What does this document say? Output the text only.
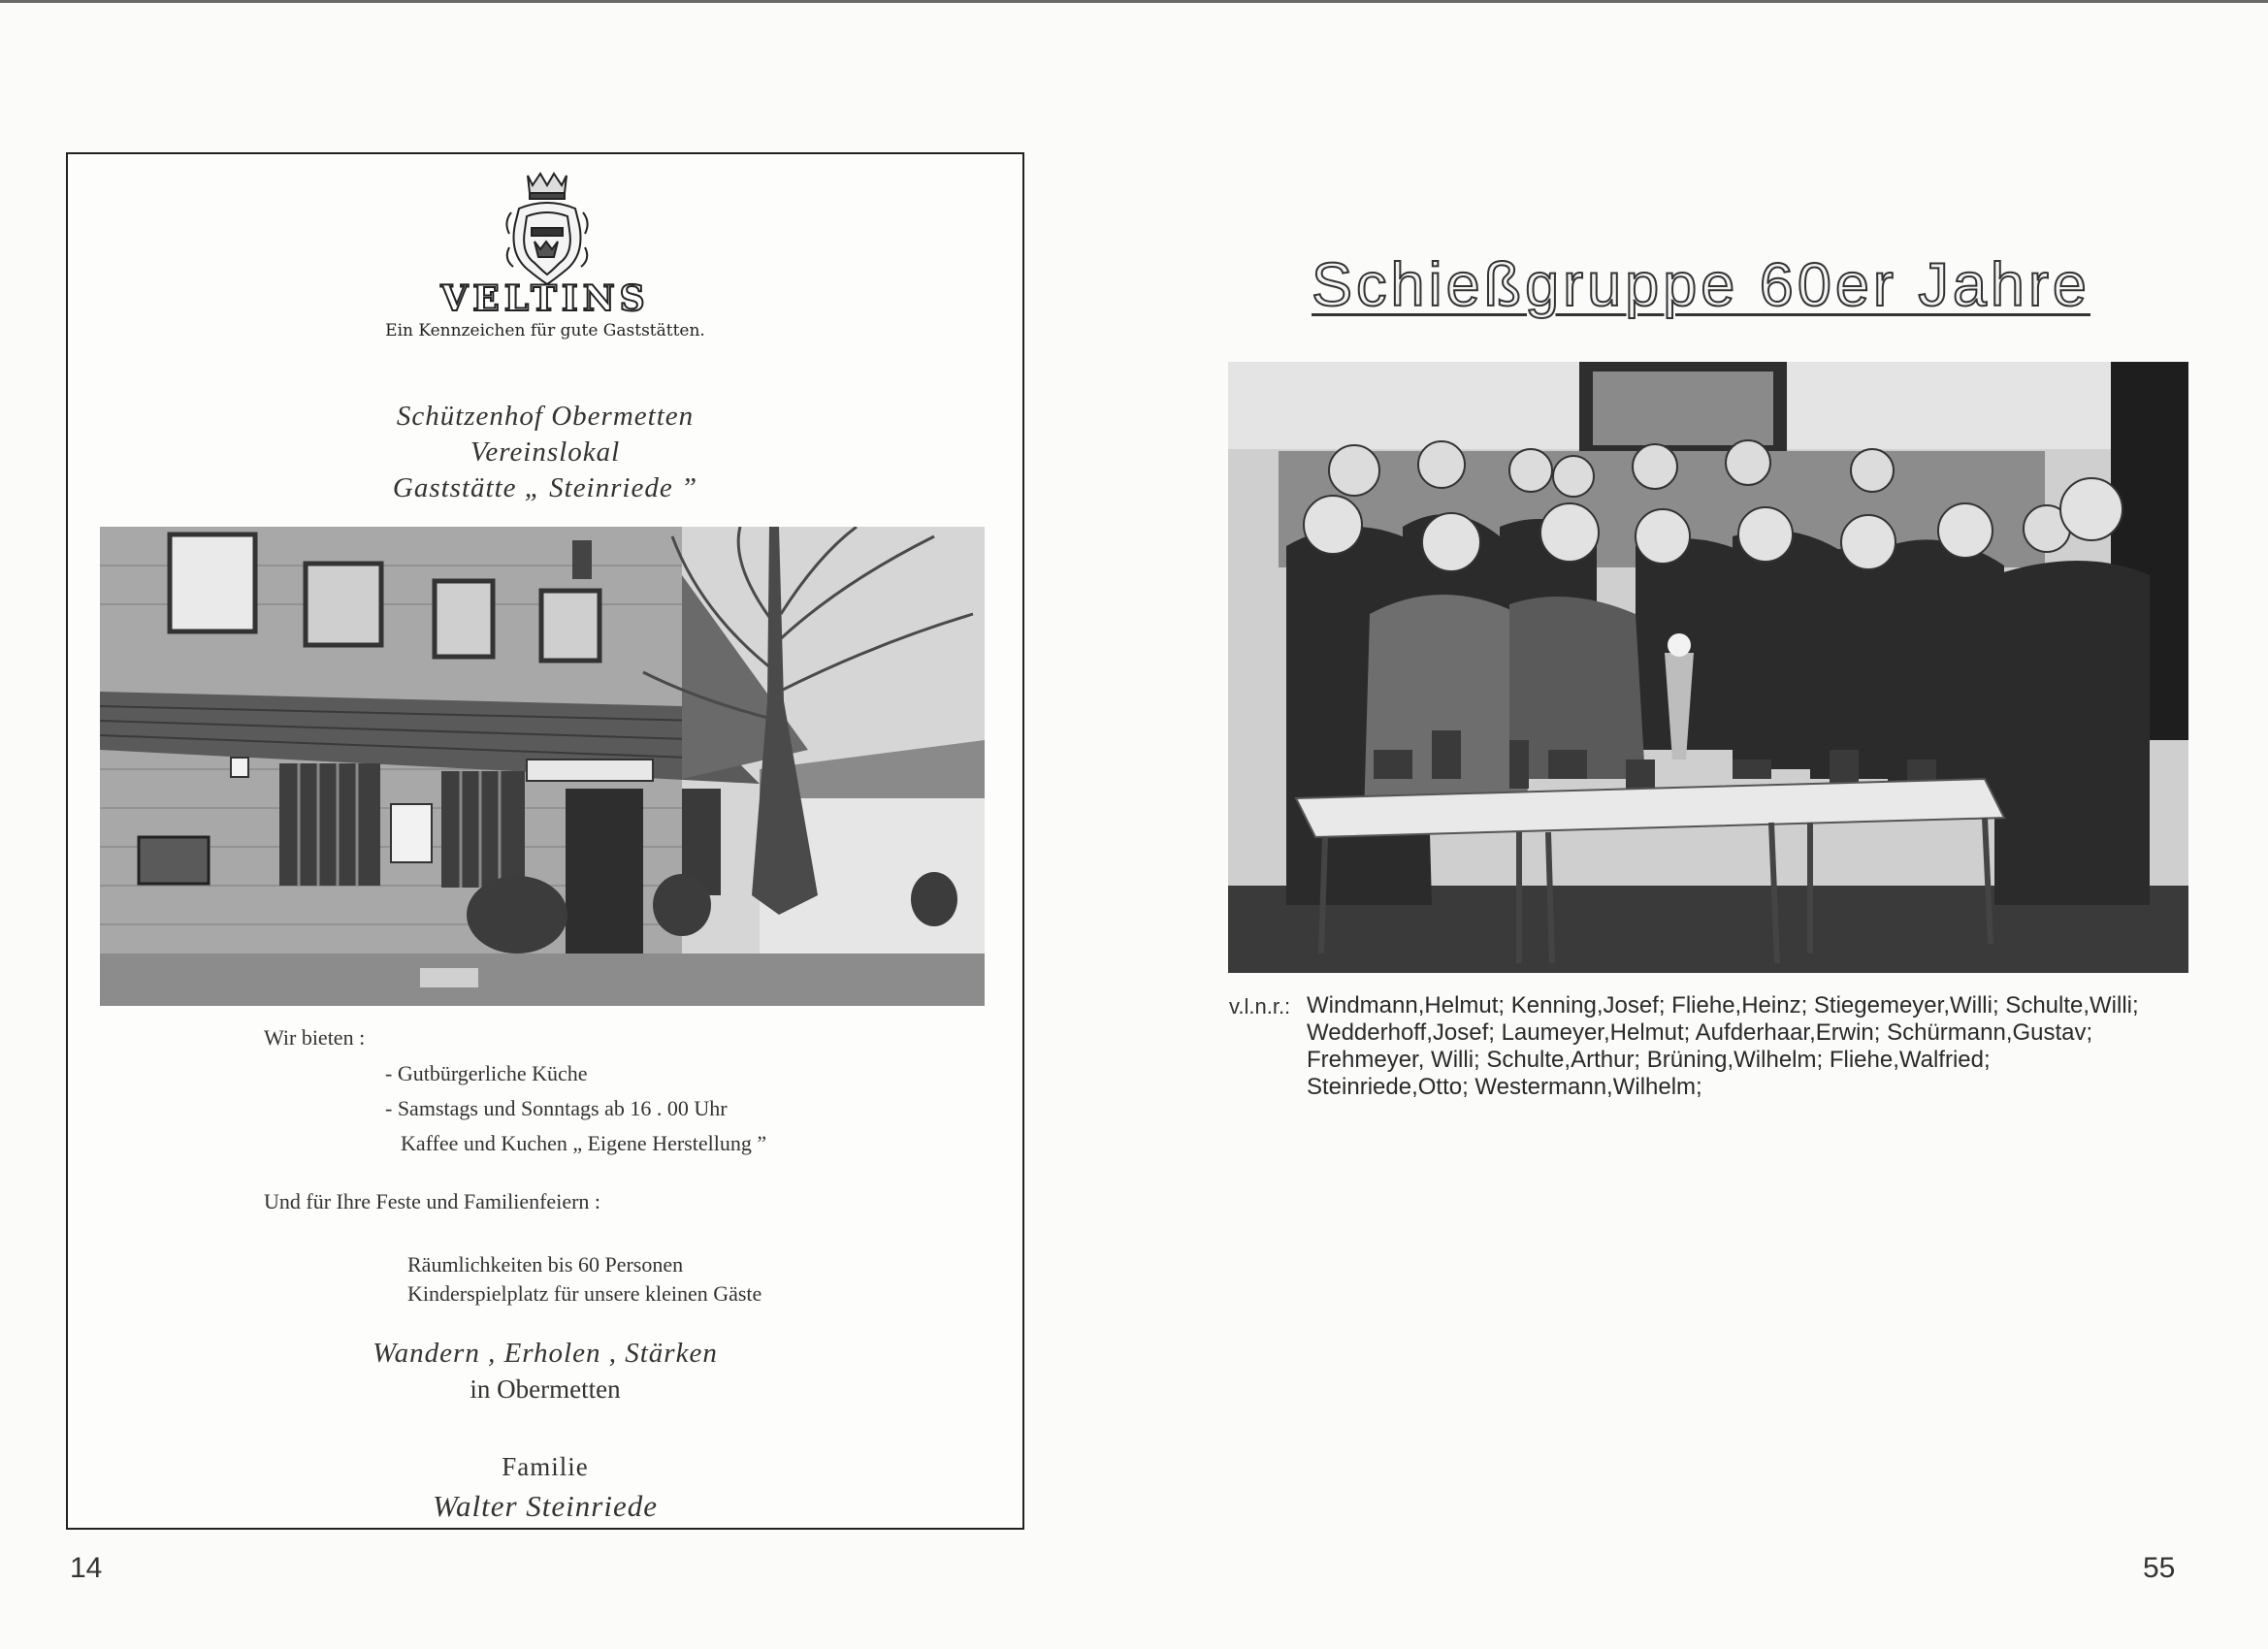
VELTINS
Ein Kennzeichen für gute Gaststätten.
Schützenhof Obermetten
Vereinslokal
Gaststätte „ Steinriede ”
Wir bieten :
- Gutbürgerliche Küche
- Samstags und Sonntags ab 16 . 00 Uhr
Kaffee und Kuchen „ Eigene Herstellung ”
Und für Ihre Feste und Familienfeiern :
Räumlichkeiten bis 60 Personen
Kinderspielplatz für unsere kleinen Gäste
Wandern , Erholen , Stärken
in Obermetten
Familie
Walter Steinriede
14
Schießgruppe 60er Jahre
v.l.n.r.: Windmann,Helmut; Kenning,Josef; Fliehe,Heinz; Stiegemeyer,Willi; Schulte,Willi;
Wedderhoff,Josef; Laumeyer,Helmut; Aufderhaar,Erwin; Schürmann,Gustav;
Frehmeyer, Willi; Schulte,Arthur; Brüning,Wilhelm; Fliehe,Walfried;
Steinriede,Otto; Westermann,Wilhelm;
55
